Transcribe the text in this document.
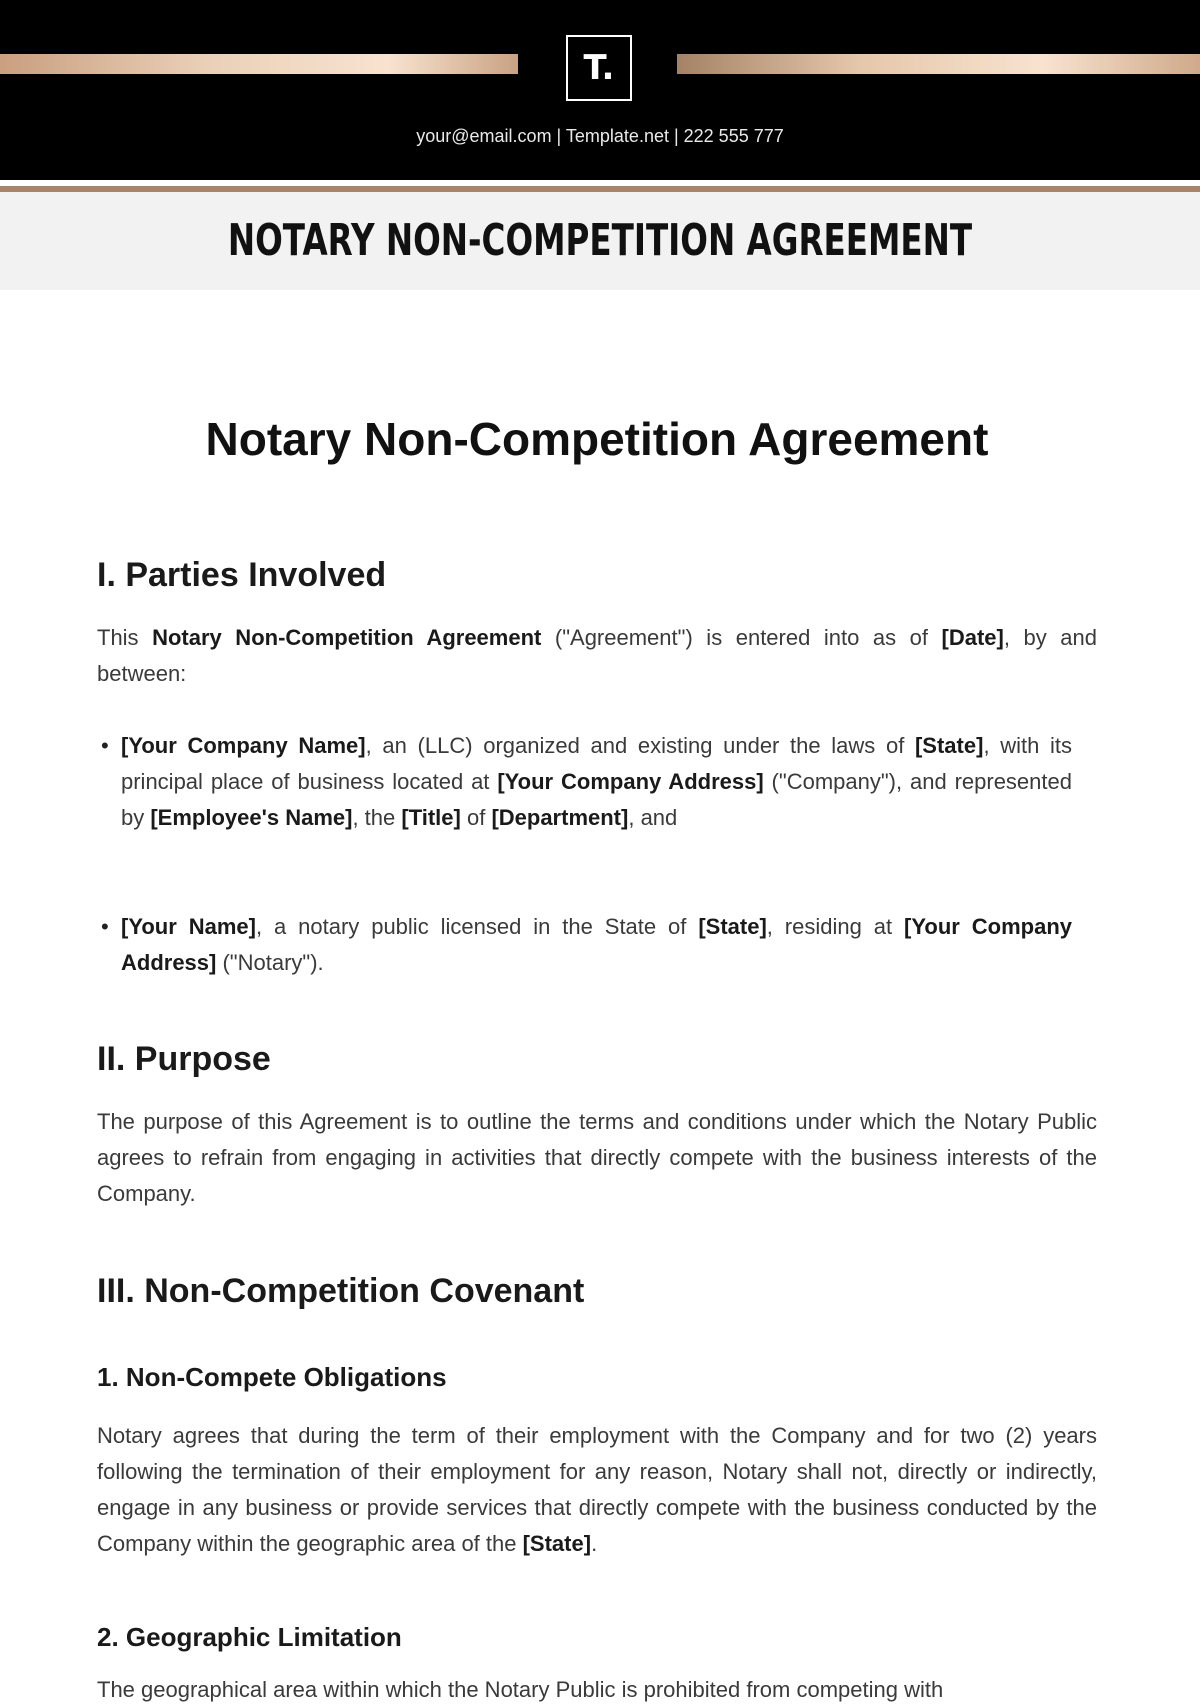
T.
your@email.com | Template.net | 222 555 777
NOTARY NON-COMPETITION AGREEMENT
Notary Non-Competition Agreement
I. Parties Involved

This Notary Non-Competition Agreement ("Agreement") is entered into as of [Date], by and between:

• [Your Company Name], an (LLC) organized and existing under the laws of [State], with its principal place of business located at [Your Company Address] ("Company"), and represented by [Employee's Name], the [Title] of [Department], and

• [Your Name], a notary public licensed in the State of [State], residing at [Your Company Address] ("Notary").

II. Purpose

The purpose of this Agreement is to outline the terms and conditions under which the Notary Public agrees to refrain from engaging in activities that directly compete with the business interests of the Company.

III. Non-Competition Covenant
1. Non-Compete Obligations

Notary agrees that during the term of their employment with the Company and for two (2) years following the termination of their employment for any reason, Notary shall not, directly or indirectly, engage in any business or provide services that directly compete with the business conducted by the Company within the geographic area of the [State].

2. Geographic Limitation

The geographical area within which the Notary Public is prohibited from competing with
